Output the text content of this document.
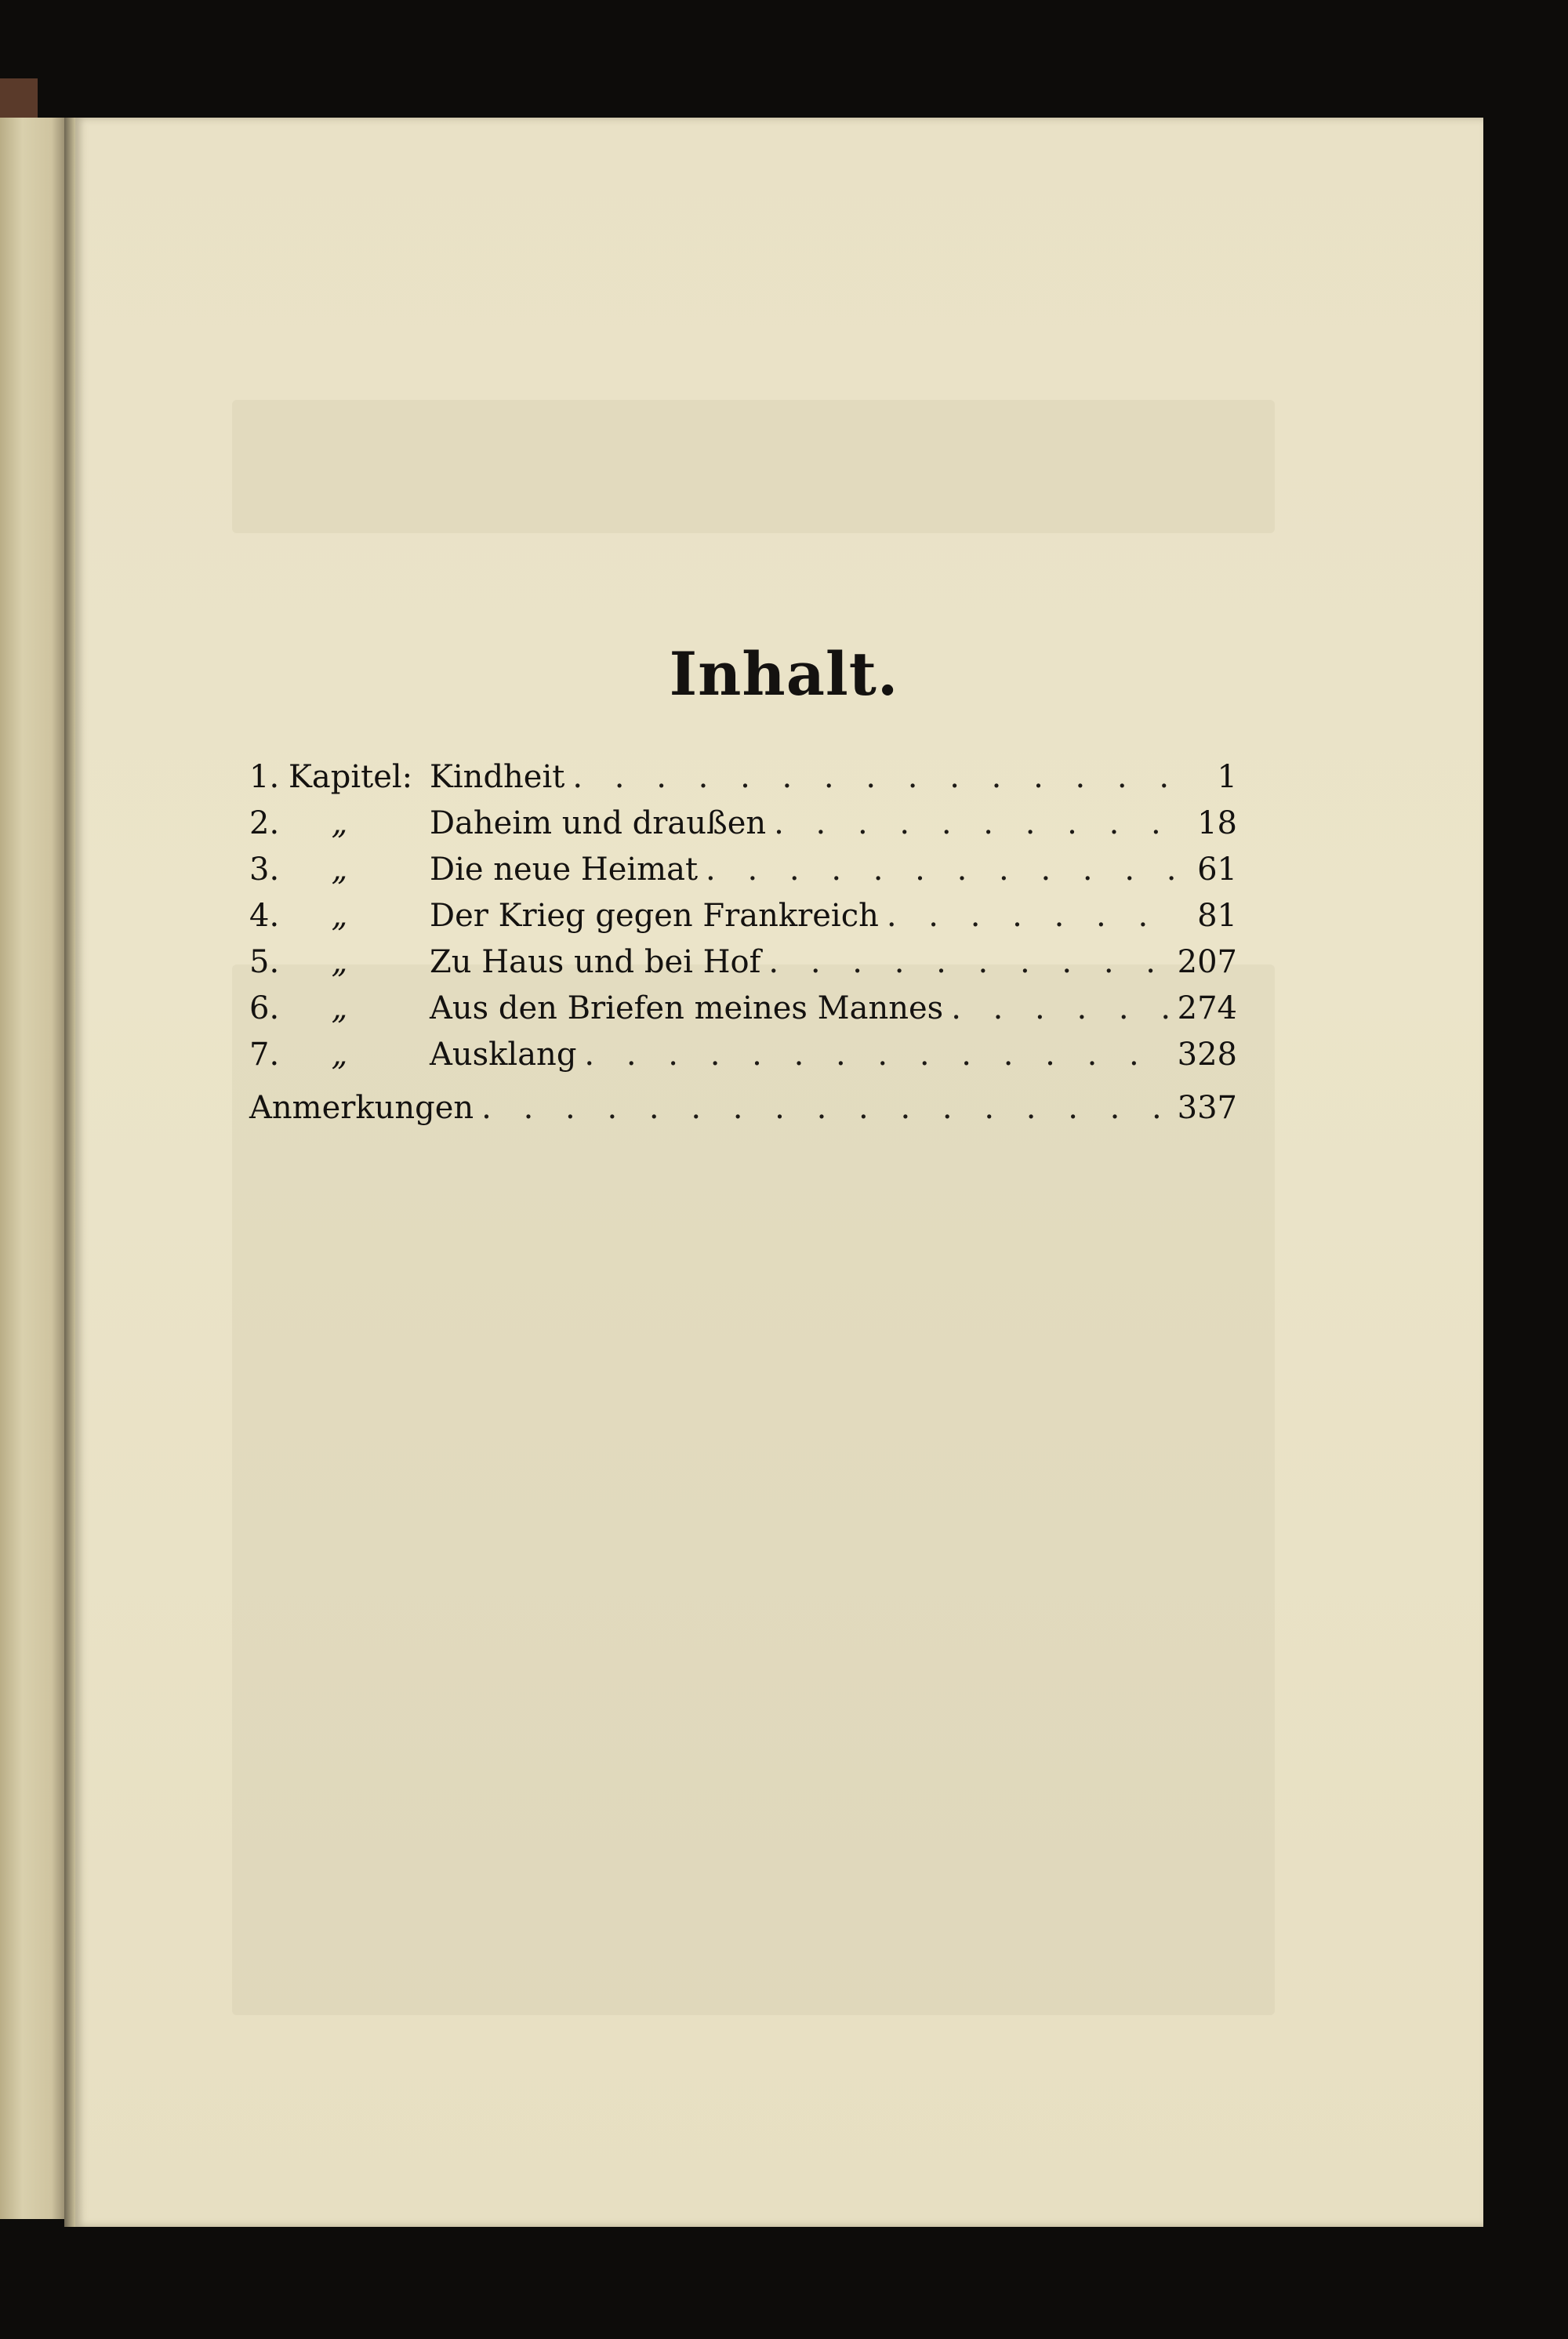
Inhalt.
1. Kapitel: Kindheit . . .	1
2.	„	Daheim und draußen . . .	18
3.	„	Die neue Heimat . . .	61
4.	„	Der Krieg gegen Frankreich . . .	81
5.	„	Zu Haus und bei Hof . . .	207
6.	„	Aus den Briefen meines Mannes . . .	274
7.	„	Ausklang . . .	328
Anmerkungen . . .	337
